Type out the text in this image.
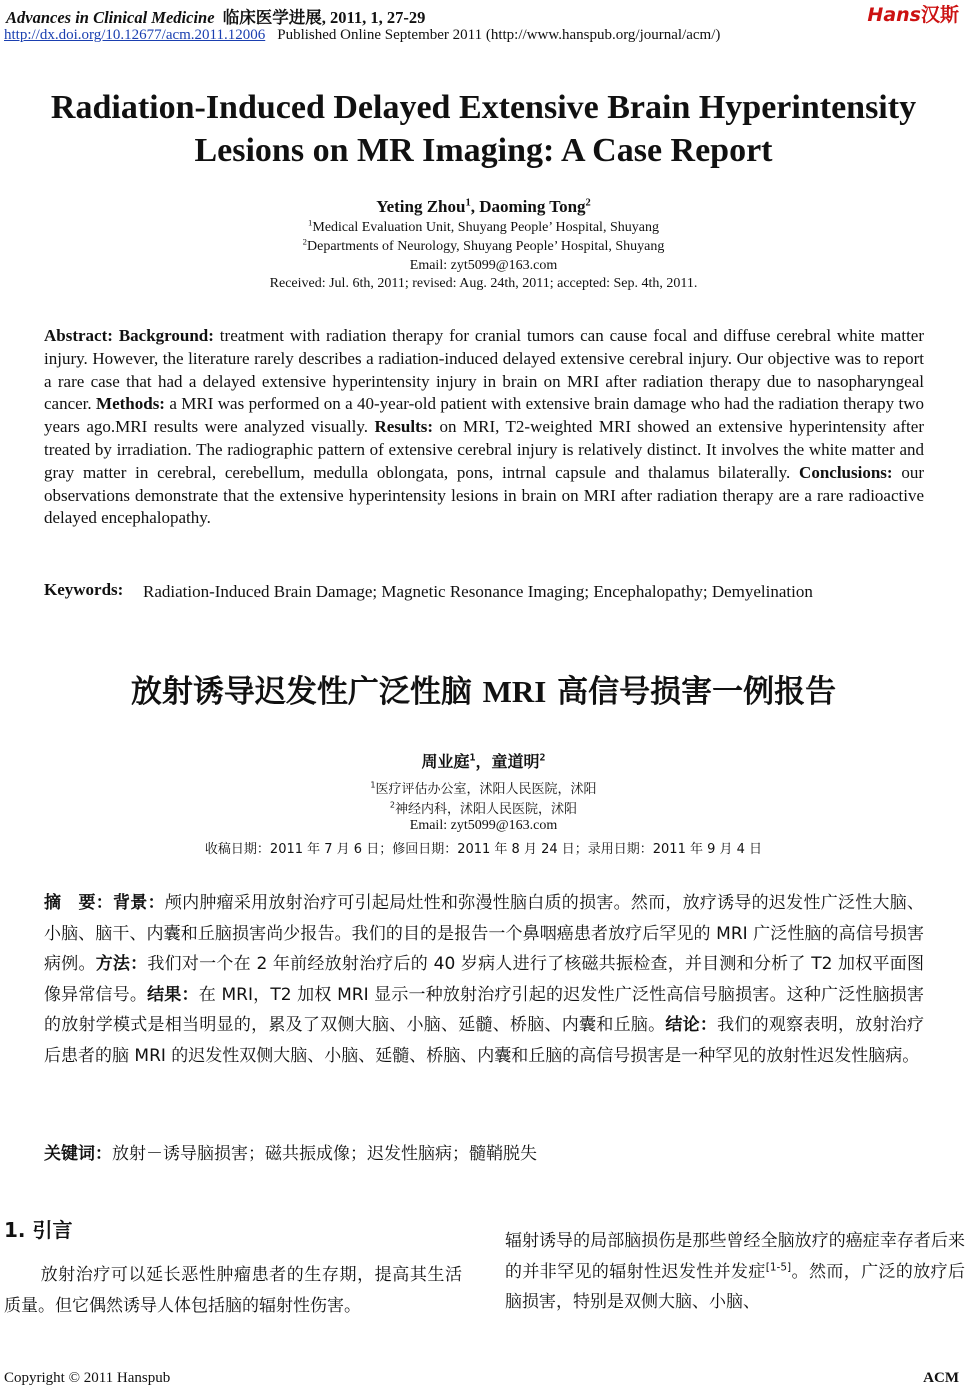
Advances in Clinical Medicine 临床医学进展, 2011, 1, 27-29	Hans汉斯
http://dx.doi.org/10.12677/acm.2011.12006 Published Online September 2011 (http://www.hanspub.org/journal/acm/)
Radiation-Induced Delayed Extensive Brain Hyperintensity Lesions on MR Imaging: A Case Report
Yeting Zhou$^1$, Daoming Tong$^2$
$^1$Medical Evaluation Unit, Shuyang People’ Hospital, Shuyang
$^2$Departments of Neurology, Shuyang People’ Hospital, Shuyang
Email: zyt5099@163.com
Received: Jul. 6th, 2011; revised: Aug. 24th, 2011; accepted: Sep. 4th, 2011.
Abstract: Background: treatment with radiation therapy for cranial tumors can cause focal and diffuse cerebral white matter injury. However, the literature rarely describes a radiation-induced delayed extensive cerebral injury. Our objective was to report a rare case that had a delayed extensive hyperintensity injury in brain on MRI after radiation therapy due to nasopharyngeal cancer. Methods: a MRI was performed on a 40-year-old patient with extensive brain damage who had the radiation therapy two years ago.MRI results were analyzed visually. Results: on MRI, T2-weighted MRI showed an extensive hyperintensity after treated by irradiation. The radiographic pattern of extensive cerebral injury is relatively distinct. It involves the white matter and gray matter in cerebral, cerebellum, medulla oblongata, pons, intrnal capsule and thalamus bilaterally. Conclusions: our observations demonstrate that the extensive hyperintensity lesions in brain on MRI after radiation therapy are a rare radioactive delayed encephalopathy.
Keywords: Radiation-Induced Brain Damage; Magnetic Resonance Imaging; Encephalopathy; Demyelination
放射诱导迟发性广泛性脑 MRI 高信号损害一例报告
周业庭$^1$，童道明$^2$
$^1$医疗评估办公室，沭阳人民医院，沭阳
$^2$神经内科，沭阳人民医院，沭阳
Email: zyt5099@163.com
收稿日期：2011 年 7 月 6 日；修回日期：2011 年 8 月 24 日；录用日期：2011 年 9 月 4 日
摘　要：背景：颅内肿瘤采用放射治疗可引起局灶性和弥漫性脑白质的损害。然而，放疗诱导的迟发性广泛性大脑、小脑、脑干、内囊和丘脑损害尚少报告。我们的目的是报告一个鼻咽癌患者放疗后罕见的 MRI 广泛性脑的高信号损害病例。方法：我们对一个在 2 年前经放射治疗后的 40 岁病人进行了核磁共振检查，并目测和分析了 T2 加权平面图像异常信号。结果：在 MRI，T2 加权 MRI 显示一种放射治疗引起的迟发性广泛性高信号脑损害。这种广泛性脑损害的放射学模式是相当明显的，累及了双侧大脑、小脑、延髓、桥脑、内囊和丘脑。结论：我们的观察表明，放射治疗后患者的脑 MRI 的迟发性双侧大脑、小脑、延髓、桥脑、内囊和丘脑的高信号损害是一种罕见的放射性迟发性脑病。
关键词：放射－诱导脑损害；磁共振成像；迟发性脑病；髓鞘脱失
1. 引言
放射治疗可以延长恶性肿瘤患者的生存期，提高其生活质量。但它偶然诱导人体包括脑的辐射性伤害。
辐射诱导的局部脑损伤是那些曾经全脑放疗的癌症幸存者后来的并非罕见的辐射性迟发性并发症[1-5]。然而，广泛的放疗后脑损害，特别是双侧大脑、小脑、
Copyright © 2011 Hanspub	ACM
